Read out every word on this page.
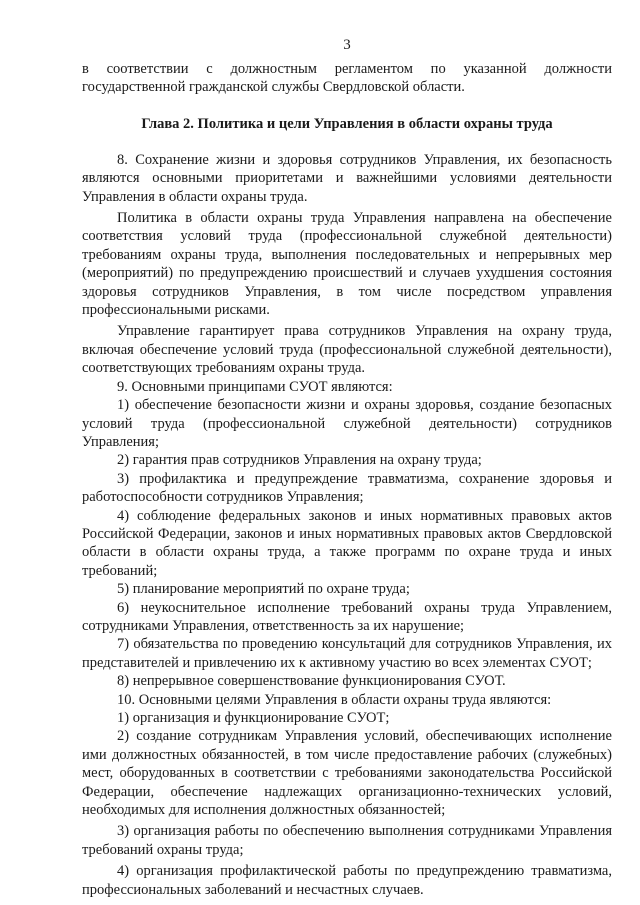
3

в соответствии с должностным регламентом по указанной должности государственной гражданской службы Свердловской области.

Глава 2. Политика и цели Управления в области охраны труда

8. Сохранение жизни и здоровья сотрудников Управления, их безопасность являются основными приоритетами и важнейшими условиями деятельности Управления в области охраны труда.

Политика в области охраны труда Управления направлена на обеспечение соответствия условий труда (профессиональной служебной деятельности) требованиям охраны труда, выполнения последовательных и непрерывных мер (мероприятий) по предупреждению происшествий и случаев ухудшения состояния здоровья сотрудников Управления, в том числе посредством управления профессиональными рисками.

Управление гарантирует права сотрудников Управления на охрану труда, включая обеспечение условий труда (профессиональной служебной деятельности), соответствующих требованиям охраны труда.

9. Основными принципами СУОТ являются:

1) обеспечение безопасности жизни и охраны здоровья, создание безопасных условий труда (профессиональной служебной деятельности) сотрудников Управления;

2) гарантия прав сотрудников Управления на охрану труда;

3) профилактика и предупреждение травматизма, сохранение здоровья и работоспособности сотрудников Управления;

4) соблюдение федеральных законов и иных нормативных правовых актов Российской Федерации, законов и иных нормативных правовых актов Свердловской области в области охраны труда, а также программ по охране труда и иных требований;

5) планирование мероприятий по охране труда;

6) неукоснительное исполнение требований охраны труда Управлением, сотрудниками Управления, ответственность за их нарушение;

7) обязательства по проведению консультаций для сотрудников Управления, их представителей и привлечению их к активному участию во всех элементах СУОТ;

8) непрерывное совершенствование функционирования СУОТ.

10. Основными целями Управления в области охраны труда являются:

1) организация и функционирование СУОТ;

2) создание сотрудникам Управления условий, обеспечивающих исполнение ими должностных обязанностей, в том числе предоставление рабочих (служебных) мест, оборудованных в соответствии с требованиями законодательства Российской Федерации, обеспечение надлежащих организационно-технических условий, необходимых для исполнения должностных обязанностей;

3) организация работы по обеспечению выполнения сотрудниками Управления требований охраны труда;

4) организация профилактической работы по предупреждению травматизма, профессиональных заболеваний и несчастных случаев.
